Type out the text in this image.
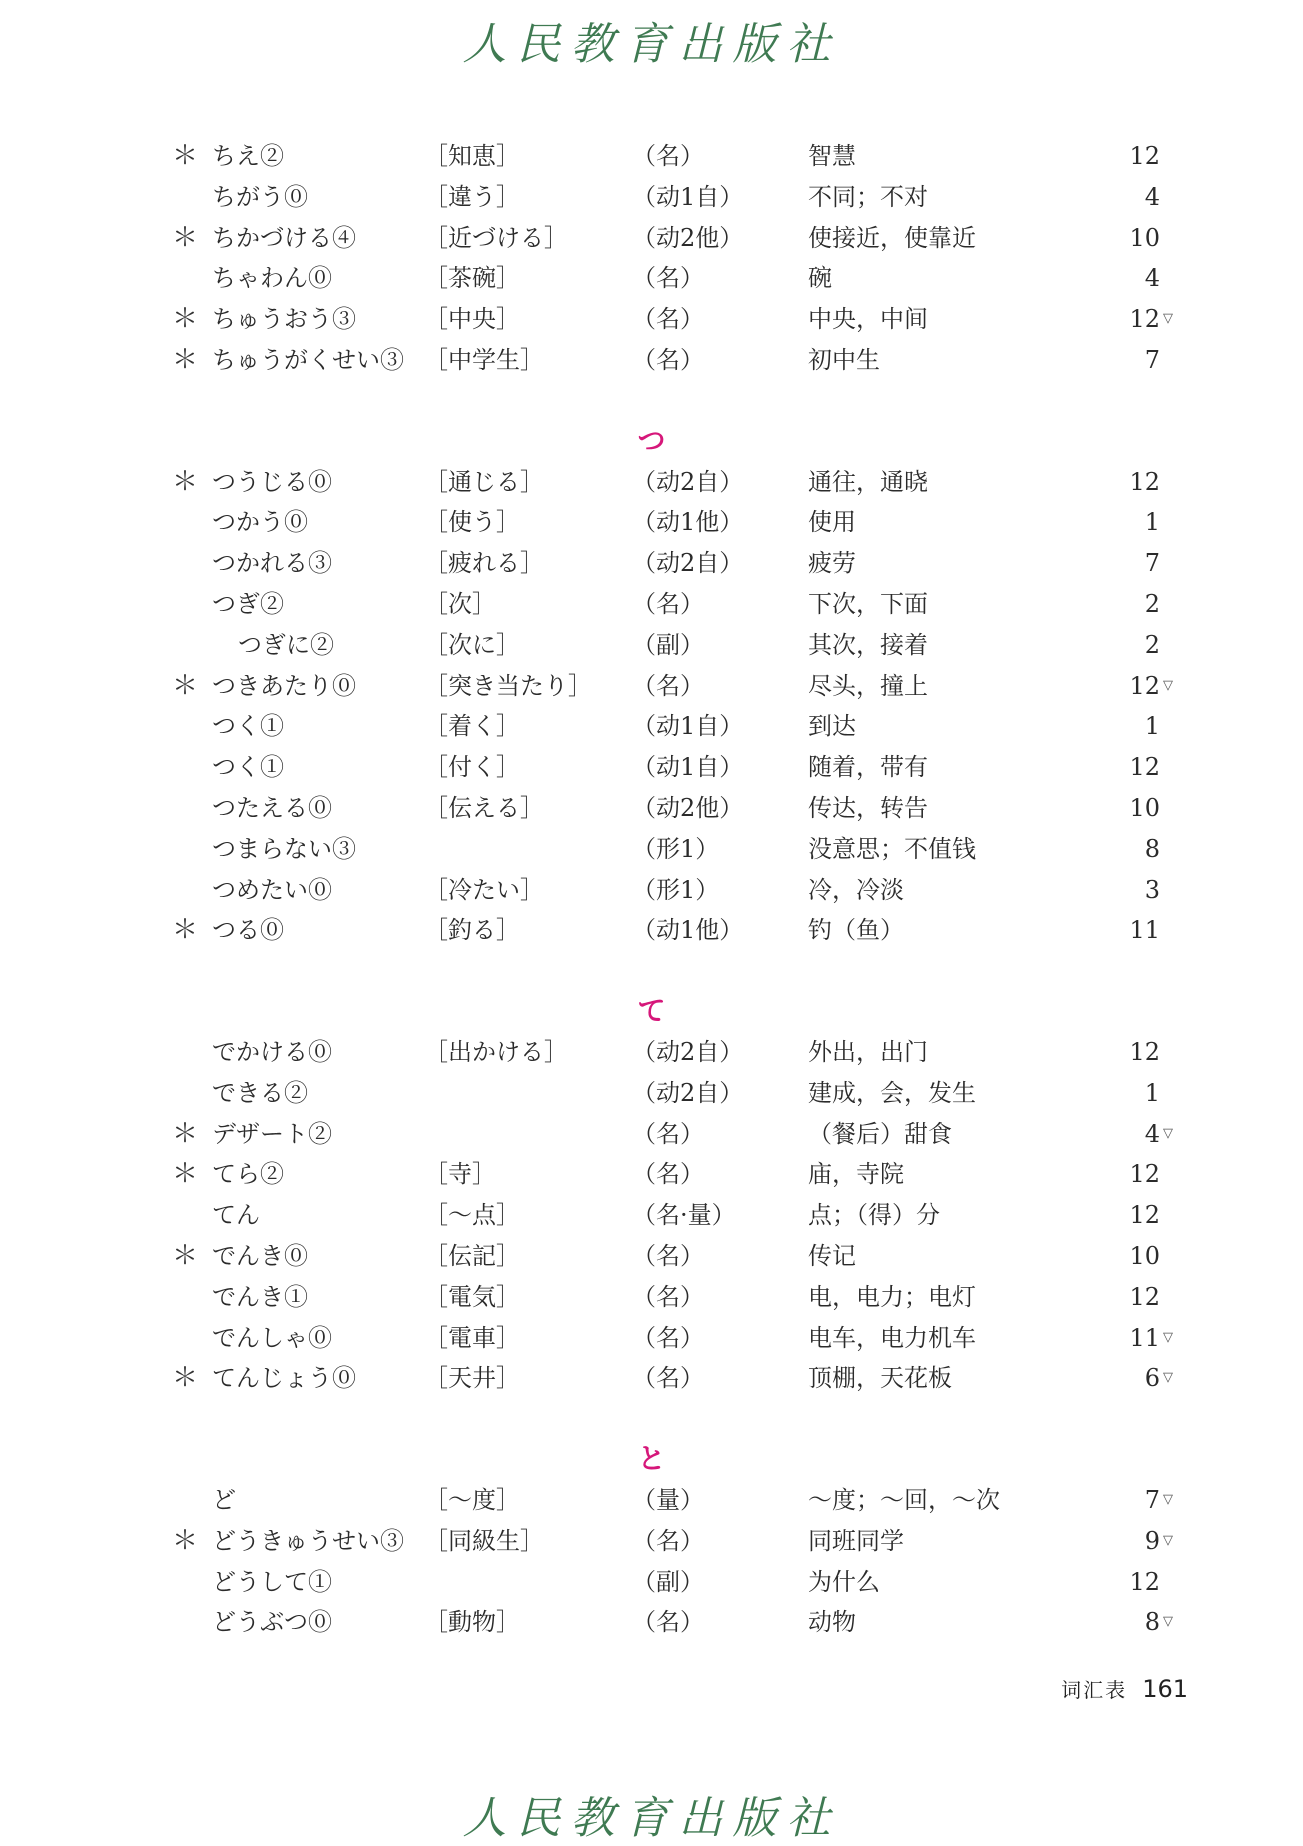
人民教育出版社
＊ ちえ②	［知恵］	（名）	智慧	12
ちがう⓪	［違う］	（动1自）	不同；不对	4
＊ ちかづける④	［近づける］	（动2他）	使接近，使靠近	10
ちゃわん⓪	［茶碗］	（名）	碗	4
＊ ちゅうおう③	［中央］	（名）	中央，中间	12 ▽
＊ ちゅうがくせい③ ［中学生］	（名）	初中生	7
つ
＊ つうじる⓪	［通じる］	（动2自）	通往，通晓	12
つかう⓪	［使う］	（动1他）	使用	1
つかれる③	［疲れる］	（动2自）	疲劳	7
つぎ②	［次］	（名）	下次，下面	2
つぎに②	［次に］	（副）	其次，接着	2
＊ つきあたり⓪	［突き当たり］ （名）	尽头，撞上	12 ▽
つく①	［着く］	（动1自）	到达	1
つく①	［付く］	（动1自）	随着，带有	12
つたえる⓪	［伝える］	（动2他）	传达，转告	10
つまらない③	（形1）	没意思；不值钱	8
つめたい⓪	［冷たい］	（形1）	冷，冷淡	3
＊ つる⓪	［釣る］	（动1他）	钓（鱼）	11
て
でかける⓪	［出かける］	（动2自）	外出，出门	12
できる②	（动2自）	建成，会，发生	1
＊ デザート②	（名）	（餐后）甜食	4 ▽
＊ てら②	［寺］	（名）	庙，寺院	12
てん	［～点］	（名·量）	点；（得）分	12
＊ でんき⓪	［伝記］	（名）	传记	10
でんき①	［電気］	（名）	电，电力；电灯	12
でんしゃ⓪	［電車］	（名）	电车，电力机车	11 ▽
＊ てんじょう⓪	［天井］	（名）	顶棚，天花板	6 ▽
と
ど	［～度］	（量）	～度；～回，～次	7 ▽
＊ どうきゅうせい③ ［同級生］	（名）	同班同学	9 ▽
どうして①	（副）	为什么	12
どうぶつ⓪	［動物］	（名）	动物	8 ▽
词汇表 161
人民教育出版社
